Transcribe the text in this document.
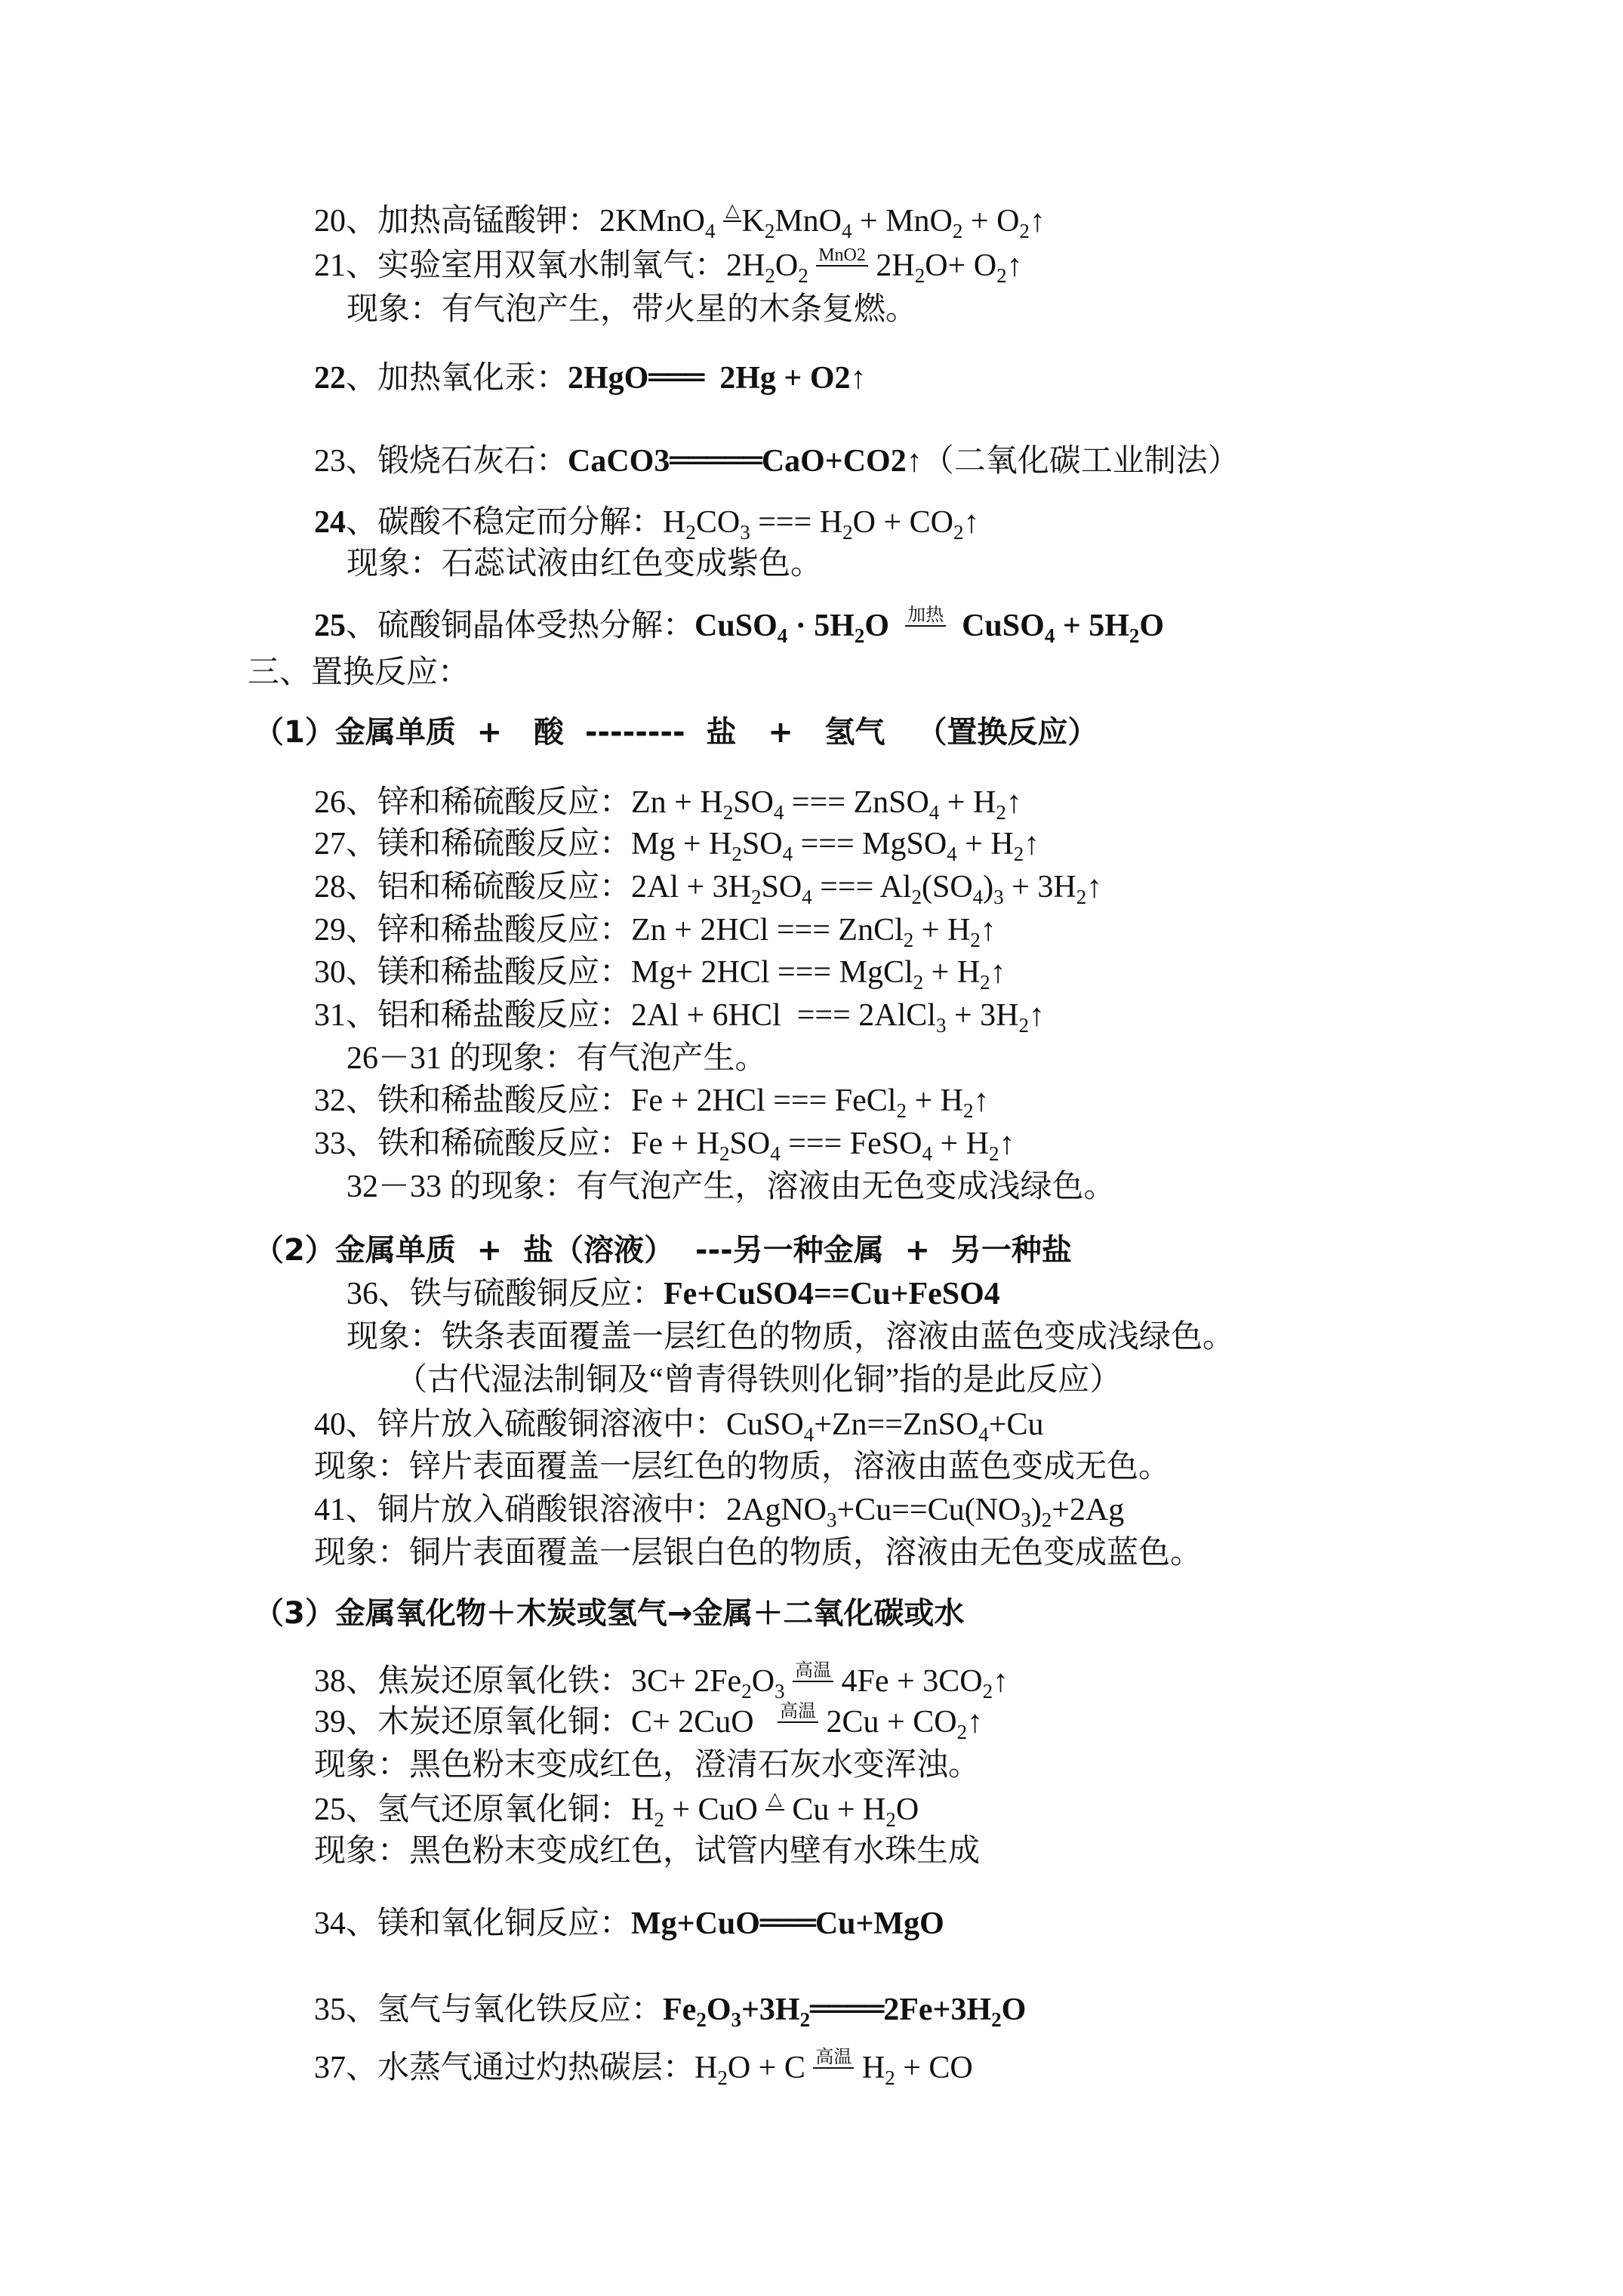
20、加热高锰酸钾：2KMnO$_4$ $\triangle K_2MnO_4 + MnO_2$ + $O_2↑$
21、实验室用双氧水制氧气：$2H_2O_2$ MnO2 $2H_2O+$ $O_2↑$
现象：有气泡产生，带火星的木条复燃。
22、加热氧化汞：2HgO═══  2Hg + O2↑
23、锻烧石灰石：CaCO3═════CaO+CO2↑（二氧化碳工业制法）
24、碳酸不稳定而分解：$H_2CO_3$ === $H_2O$ + $CO_2↑$
现象：石蕊试液由红色变成紫色。
25、硫酸铜晶体受热分解：CuSO$_4$ · $5H_2O$  加热  CuSO$_4$ + $5H_2O$
三、置换反应：
（1）金属单质  +   酸  --------  盐   +   氢气   （置换反应）
26、锌和稀硫酸反应：$Zn + H_2SO_4$ === ZnSO$_4$ + $H_2↑$
27、镁和稀硫酸反应：$Mg + H_2SO_4$ === MgSO$_4$ + $H_2↑$
28、铝和稀硫酸反应：$2Al + 3H_2SO_4$ === $Al_2(SO_4)_3$ + $3H_2↑$
29、锌和稀盐酸反应：Zn + 2HCl === ZnCl$_2$ + $H_2↑$
30、镁和稀盐酸反应：Mg+ 2HCl === MgCl$_2$ + $H_2↑$
31、铝和稀盐酸反应：2Al + 6HCl  === 2AlCl$_3$ + $3H_2↑$
26－31 的现象：有气泡产生。
32、铁和稀盐酸反应：Fe + 2HCl === FeCl$_2$ + $H_2↑$
33、铁和稀硫酸反应：$Fe + H_2SO_4$ === FeSO$_4$ + $H_2↑$
32－33 的现象：有气泡产生，溶液由无色变成浅绿色。
（2）金属单质  +  盐（溶液）  ---另一种金属  +  另一种盐
36、铁与硫酸铜反应：Fe+CuSO4==Cu+FeSO4
现象：铁条表面覆盖一层红色的物质，溶液由蓝色变成浅绿色。
（古代湿法制铜及“曾青得铁则化铜”指的是此反应）
40、锌片放入硫酸铜溶液中：CuSO$_4$+Zn==ZnSO$_4$+Cu
现象：锌片表面覆盖一层红色的物质，溶液由蓝色变成无色。
41、铜片放入硝酸银溶液中：$2AgNO_3+Cu==Cu(NO_3)_2+2Ag$
现象：铜片表面覆盖一层银白色的物质，溶液由无色变成蓝色。
（3）金属氧化物＋木炭或氢气→金属＋二氧化碳或水
38、焦炭还原氧化铁：$3C+ 2Fe_2O_3$ 高温 $4Fe + 3CO_2↑$
39、木炭还原氧化铜：C+ 2CuO   高温 $2Cu + CO_2↑$
现象：黑色粉末变成红色，澄清石灰水变浑浊。
25、氢气还原氧化铜：$H_2$ + CuO △ $Cu + H_2O$
现象：黑色粉末变成红色，试管内壁有水珠生成
34、镁和氧化铜反应：Mg+CuO═══Cu+MgO
35、氢气与氧化铁反应：$Fe_2O_3+3H_2════2Fe+3H_2O$
37、水蒸气通过灼热碳层：$H_2O + C$ 高温 $H_2$ + CO
